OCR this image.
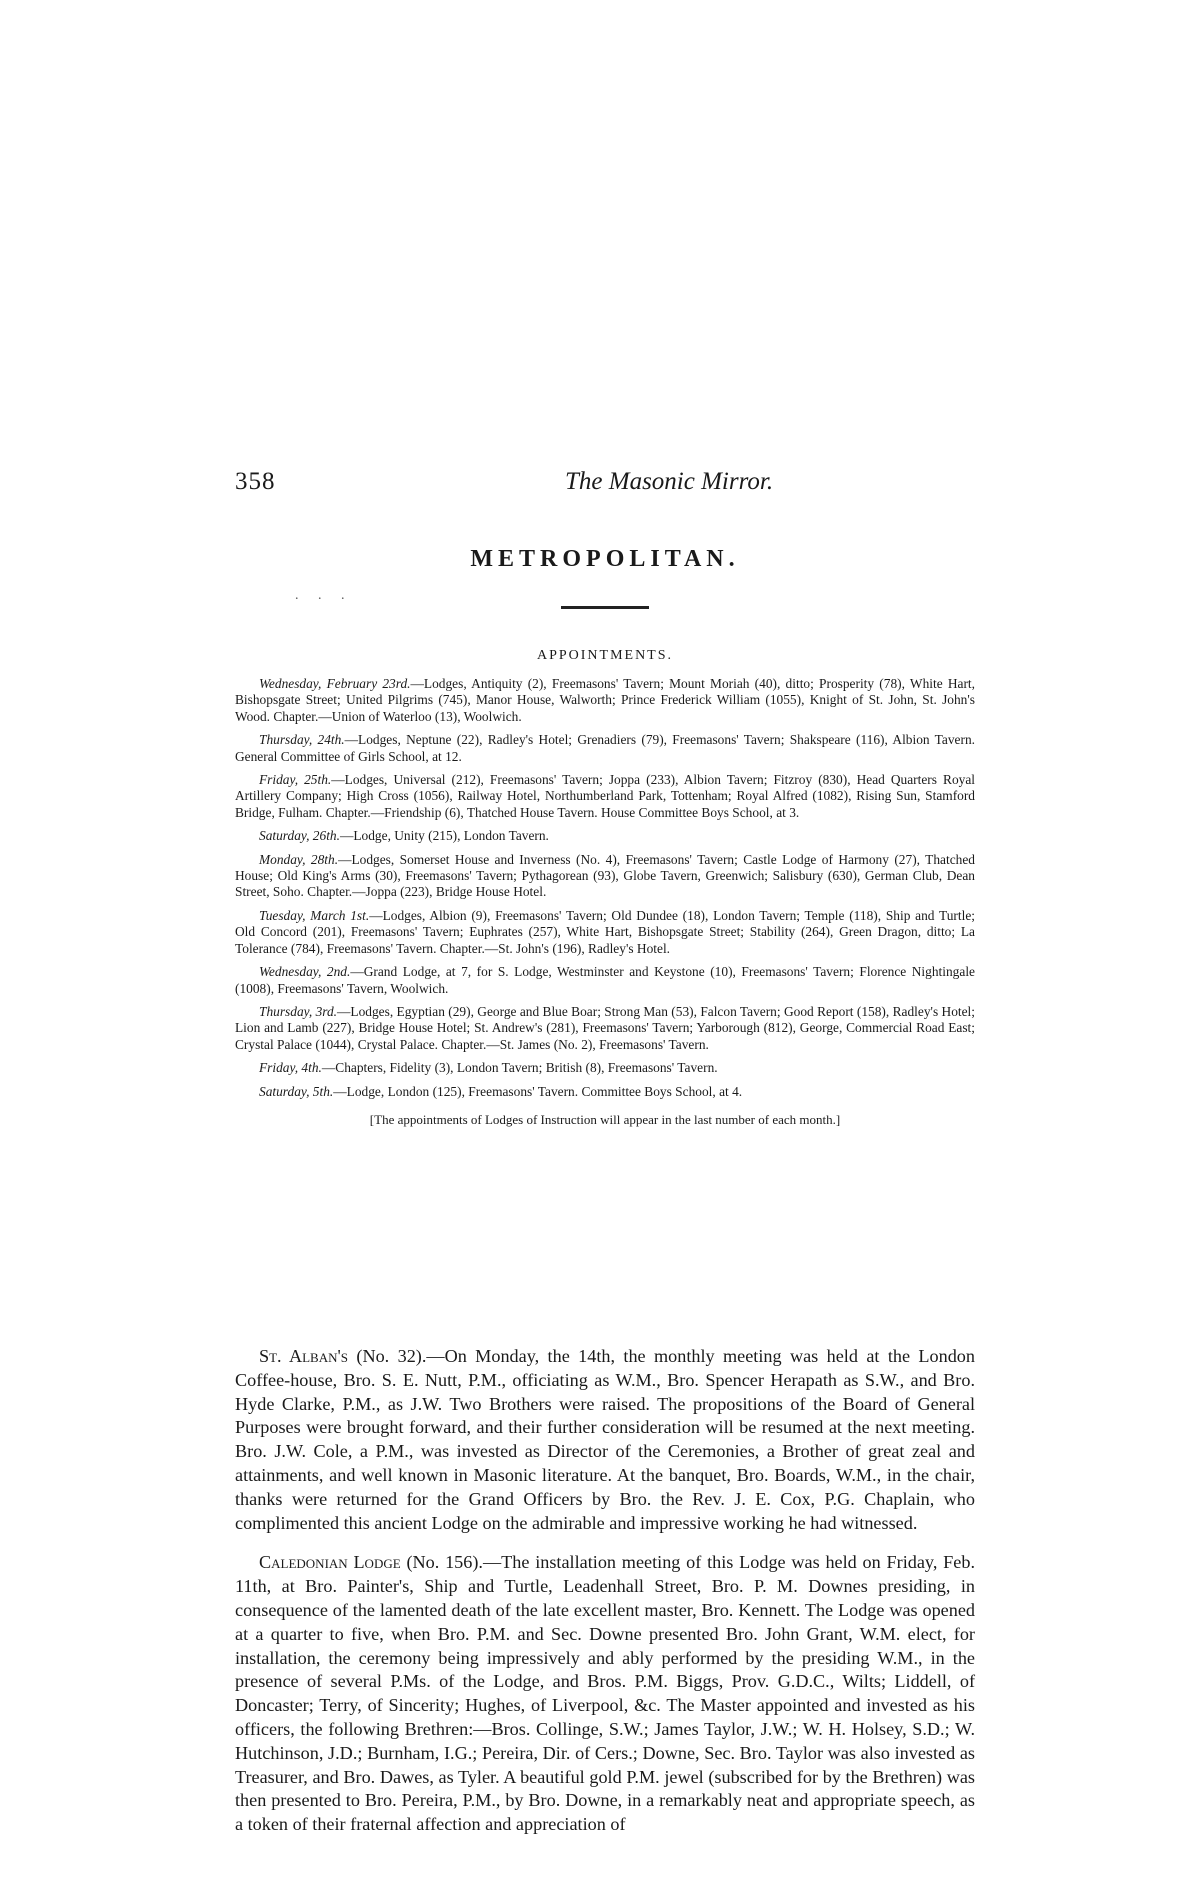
358	The Masonic Mirror.
METROPOLITAN.
. . .
APPOINTMENTS.

Wednesday, February 23rd.—Lodges, Antiquity (2), Freemasons' Tavern; Mount Moriah (40), ditto; Prosperity (78), White Hart, Bishopsgate Street; United Pilgrims (745), Manor House, Walworth; Prince Frederick William (1055), Knight of St. John, St. John's Wood. Chapter.—Union of Waterloo (13), Woolwich.

Thursday, 24th.—Lodges, Neptune (22), Radley's Hotel; Grenadiers (79), Freemasons' Tavern; Shakspeare (116), Albion Tavern. General Committee of Girls School, at 12.

Friday, 25th.—Lodges, Universal (212), Freemasons' Tavern; Joppa (233), Albion Tavern; Fitzroy (830), Head Quarters Royal Artillery Company; High Cross (1056), Railway Hotel, Northumberland Park, Tottenham; Royal Alfred (1082), Rising Sun, Stamford Bridge, Fulham. Chapter.—Friendship (6), Thatched House Tavern. House Committee Boys School, at 3.

Saturday, 26th.—Lodge, Unity (215), London Tavern.

Monday, 28th.—Lodges, Somerset House and Inverness (No. 4), Freemasons' Tavern; Castle Lodge of Harmony (27), Thatched House; Old King's Arms (30), Freemasons' Tavern; Pythagorean (93), Globe Tavern, Greenwich; Salisbury (630), German Club, Dean Street, Soho. Chapter.—Joppa (223), Bridge House Hotel.

Tuesday, March 1st.—Lodges, Albion (9), Freemasons' Tavern; Old Dundee (18), London Tavern; Temple (118), Ship and Turtle; Old Concord (201), Freemasons' Tavern; Euphrates (257), White Hart, Bishopsgate Street; Stability (264), Green Dragon, ditto; La Tolerance (784), Freemasons' Tavern. Chapter.—St. John's (196), Radley's Hotel.

Wednesday, 2nd.—Grand Lodge, at 7, for S. Lodge, Westminster and Keystone (10), Freemasons' Tavern; Florence Nightingale (1008), Freemasons' Tavern, Woolwich.

Thursday, 3rd.—Lodges, Egyptian (29), George and Blue Boar; Strong Man (53), Falcon Tavern; Good Report (158), Radley's Hotel; Lion and Lamb (227), Bridge House Hotel; St. Andrew's (281), Freemasons' Tavern; Yarborough (812), George, Commercial Road East; Crystal Palace (1044), Crystal Palace. Chapter.—St. James (No. 2), Freemasons' Tavern.

Friday, 4th.—Chapters, Fidelity (3), London Tavern; British (8), Freemasons' Tavern.

Saturday, 5th.—Lodge, London (125), Freemasons' Tavern. Committee Boys School, at 4.

[The appointments of Lodges of Instruction will appear in the last number of each month.]

St. Alban's (No. 32).—On Monday, the 14th, the monthly meeting was held at the London Coffee-house, Bro. S. E. Nutt, P.M., officiating as W.M., Bro. Spencer Herapath as S.W., and Bro. Hyde Clarke, P.M., as J.W. Two Brothers were raised. The propositions of the Board of General Purposes were brought forward, and their further consideration will be resumed at the next meeting. Bro. J.W. Cole, a P.M., was invested as Director of the Ceremonies, a Brother of great zeal and attainments, and well known in Masonic literature. At the banquet, Bro. Boards, W.M., in the chair, thanks were returned for the Grand Officers by Bro. the Rev. J. E. Cox, P.G. Chaplain, who complimented this ancient Lodge on the admirable and impressive working he had witnessed.

Caledonian Lodge (No. 156).—The installation meeting of this Lodge was held on Friday, Feb. 11th, at Bro. Painter's, Ship and Turtle, Leadenhall Street, Bro. P. M. Downes presiding, in consequence of the lamented death of the late excellent master, Bro. Kennett. The Lodge was opened at a quarter to five, when Bro. P.M. and Sec. Downe presented Bro. John Grant, W.M. elect, for installation, the ceremony being impressively and ably performed by the presiding W.M., in the presence of several P.Ms. of the Lodge, and Bros. P.M. Biggs, Prov. G.D.C., Wilts; Liddell, of Doncaster; Terry, of Sincerity; Hughes, of Liverpool, &c. The Master appointed and invested as his officers, the following Brethren:—Bros. Collinge, S.W.; James Taylor, J.W.; W. H. Holsey, S.D.; W. Hutchinson, J.D.; Burnham, I.G.; Pereira, Dir. of Cers.; Downe, Sec. Bro. Taylor was also invested as Treasurer, and Bro. Dawes, as Tyler. A beautiful gold P.M. jewel (subscribed for by the Brethren) was then presented to Bro. Pereira, P.M., by Bro. Downe, in a remarkably neat and appropriate speech, as a token of their fraternal affection and appreciation of
